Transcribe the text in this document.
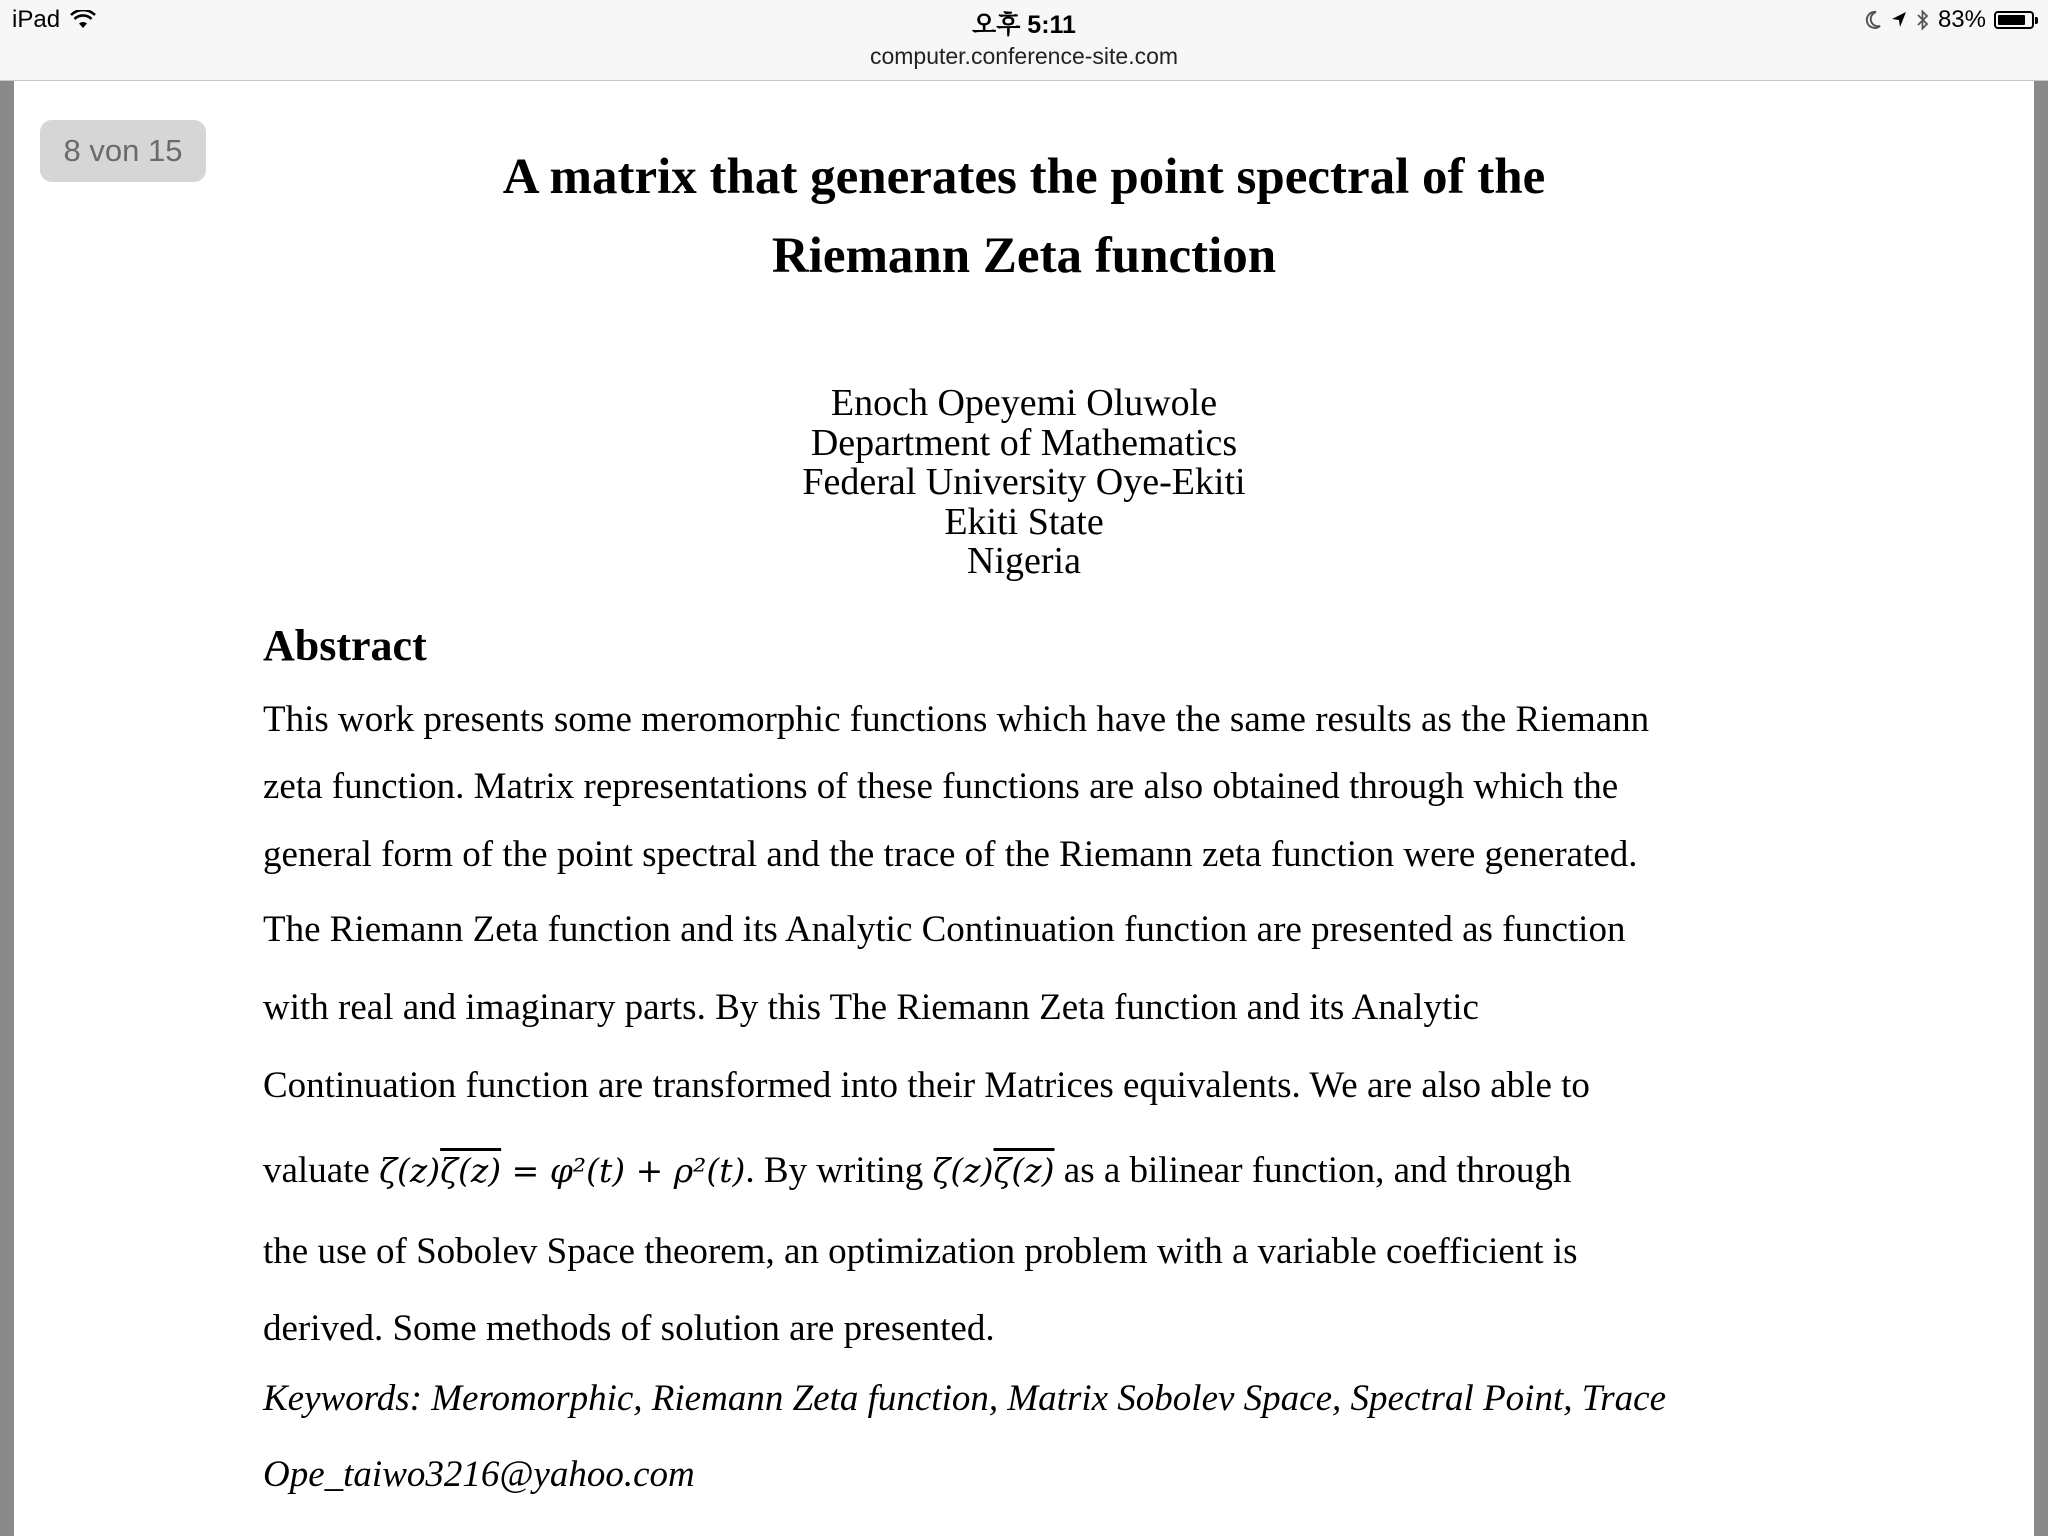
iPad	오후 5:11	83%
computer.conference-site.com
A matrix that generates the point spectral of the
Riemann Zeta function
Enoch Opeyemi Oluwole
Department of Mathematics
Federal University Oye-Ekiti
Ekiti State
Nigeria
Abstract
This work presents some meromorphic functions which have the same results as the Riemann
zeta function. Matrix representations of these functions are also obtained through which the
general form of the point spectral and the trace of the Riemann zeta function were generated.
The Riemann Zeta function and its Analytic Continuation function are presented as function
with real and imaginary parts. By this The Riemann Zeta function and its Analytic
Continuation function are transformed into their Matrices equivalents. We are also able to
valuate ζ(z)ζ(z) = φ²(t) + ρ²(t). By writing ζ(z)ζ(z) as a bilinear function, and through
the use of Sobolev Space theorem, an optimization problem with a variable coefficient is
derived. Some methods of solution are presented.
Keywords: Meromorphic, Riemann Zeta function, Matrix Sobolev Space, Spectral Point, Trace
Ope_taiwo3216@yahoo.com
8 von 15
